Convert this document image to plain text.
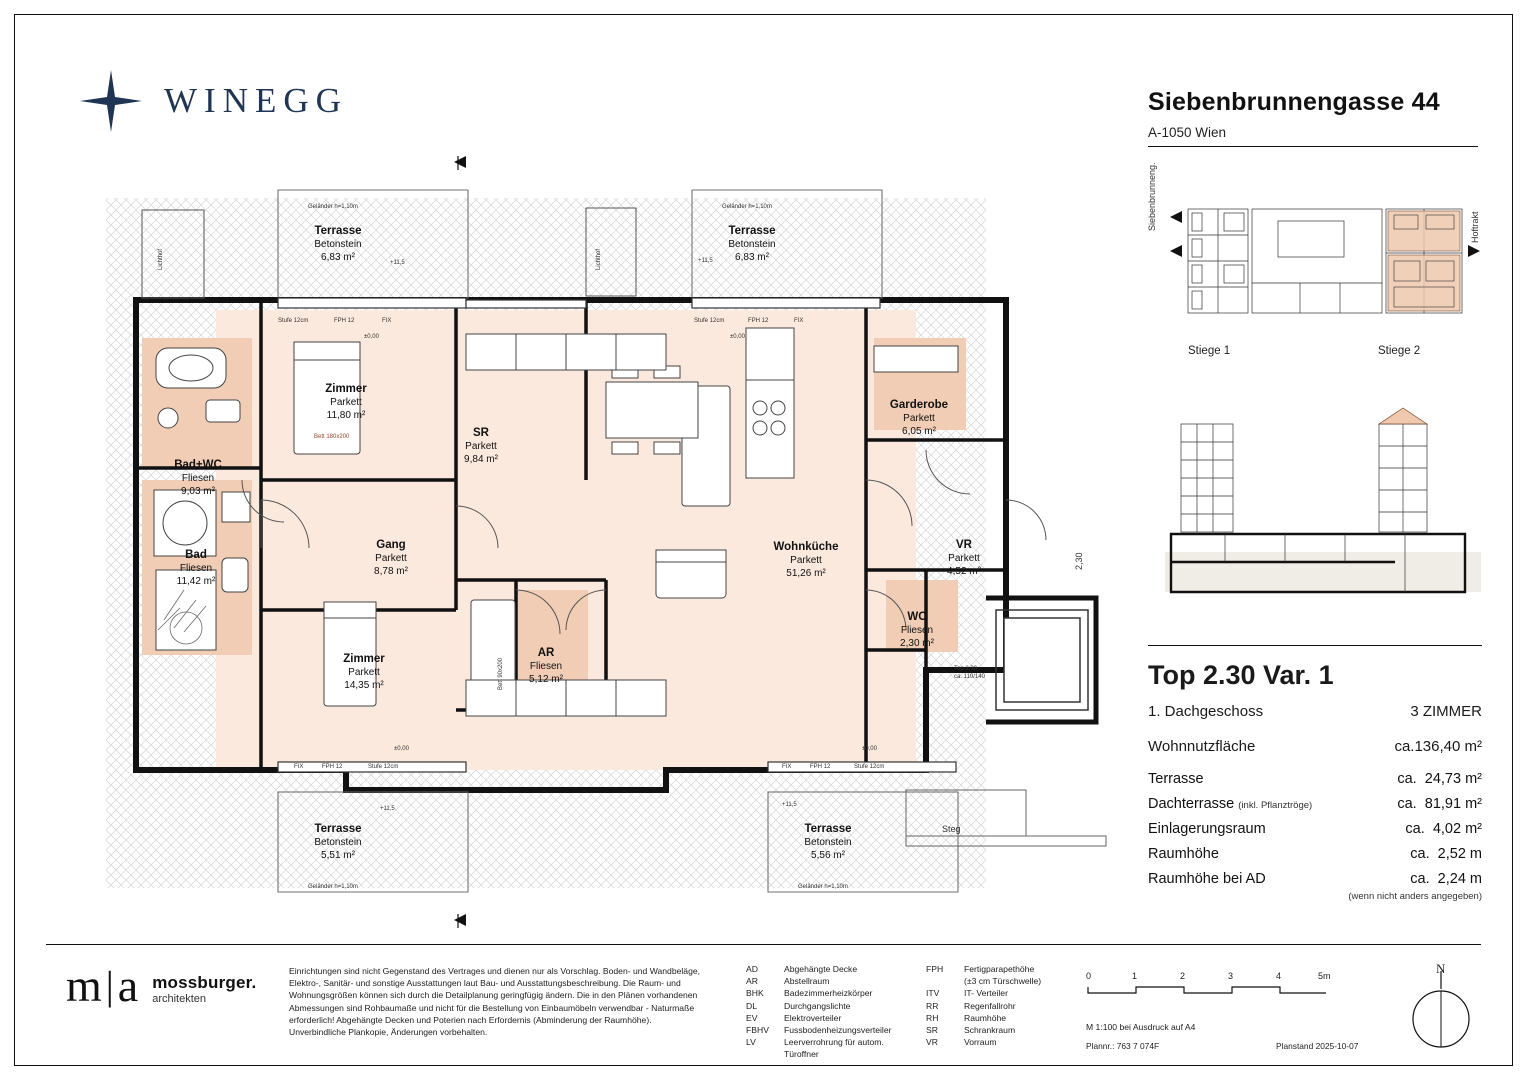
WINEGG	Siebenbrunnengasse 44
A-1050 Wien
Siebenbrunneng.	Hoftrakt
Stiege 1	Stiege 2
Top 2.30 Var. 1
1. Dachgeschoss	3 ZIMMER
Wohnnutzfläche	ca.136,40 m²
Terrasse	ca. 24,73 m²
Dachterrasse (inkl. Pflanztröge)	ca. 81,91 m²
Einlagerungsraum	ca. 4,02 m²
Raumhöhe	ca. 2,52 m
Raumhöhe bei AD	ca. 2,24 m
(wenn nicht anders angegeben)
Terrasse
Betonstein
6,83 m²
Terrasse
Betonstein
6,83 m²
Zimmer
Parkett
11,80 m²
SR
Parkett
9,84 m²
Garderobe
Parkett
6,05 m²
Bad+WC
Fliesen
9,03 m²
Gang
Parkett
8,78 m²
Wohnküche
Parkett
51,26 m²
VR
Parkett
4,52 m²
Bad
Fliesen
11,42 m²
WC
Fliesen
2,30 m²
Zimmer
Parkett
14,35 m²
AR
Fliesen
5,12 m²
Terrasse
Betonstein
5,51 m²
Terrasse
Betonstein
5,56 m²
Geländer h=1,10m	Geländer h=1,10m
Geländer h=1,10m	Geländer h=1,10m
Lichthof	Lichthof
Stufe 12cm	FPH 12	FIX
±0,00
Stufe 12cm	FPH 12	FIX
±0,00
+11,5	+11,5
+11,5
+11,5
Steg
2,30
FIX	FPH 12	Stufe 12cm
±0,00
FIX	FPH 12	Stufe 12cm
±0,00
Bett 180x200
Bett 90x200	Top 2.30
ca. 110/140
m | a mossburger.
architekten
Einrichtungen sind nicht Gegenstand des Vertrages und dienen nur als Vorschlag. Boden- und Wandbeläge, Elektro-, Sanitär- und sonstige Ausstattungen laut Bau- und Ausstattungsbeschreibung. Die Raum- und Wohnungsgrößen können sich durch die Detailplanung geringfügig ändern. Die in den Plänen vorhandenen Abmessungen sind Rohbaumaße und nicht für die Bestellung von Einbaumöbeln verwendbar - Naturmaße erforderlich! Abgehängte Decken und Poterien nach Erfordernis (Abminderung der Raumhöhe). Unverbindliche Plankopie, Änderungen vorbehalten.
AD	Abgehängte Decke
AR	Abstellraum
BHK	Badezimmerheizkörper
DL	Durchgangslichte
EV	Elektroverteiler
FBHV	Fussbodenheizungsverteiler
LV	Leerverrohrung für autom. Türoffner
FPH	Fertigparapethöhe
(±3 cm Türschwelle)
ITV	IT- Verteiler
RR	Regenfallrohr
RH	Raumhöhe
SR	Schrankraum
VR	Vorraum
0	1	2	3	4	5m
M 1:100 bei Ausdruck auf A4
Plannr.: 763 7 074F	Planstand 2025-10-07
N
